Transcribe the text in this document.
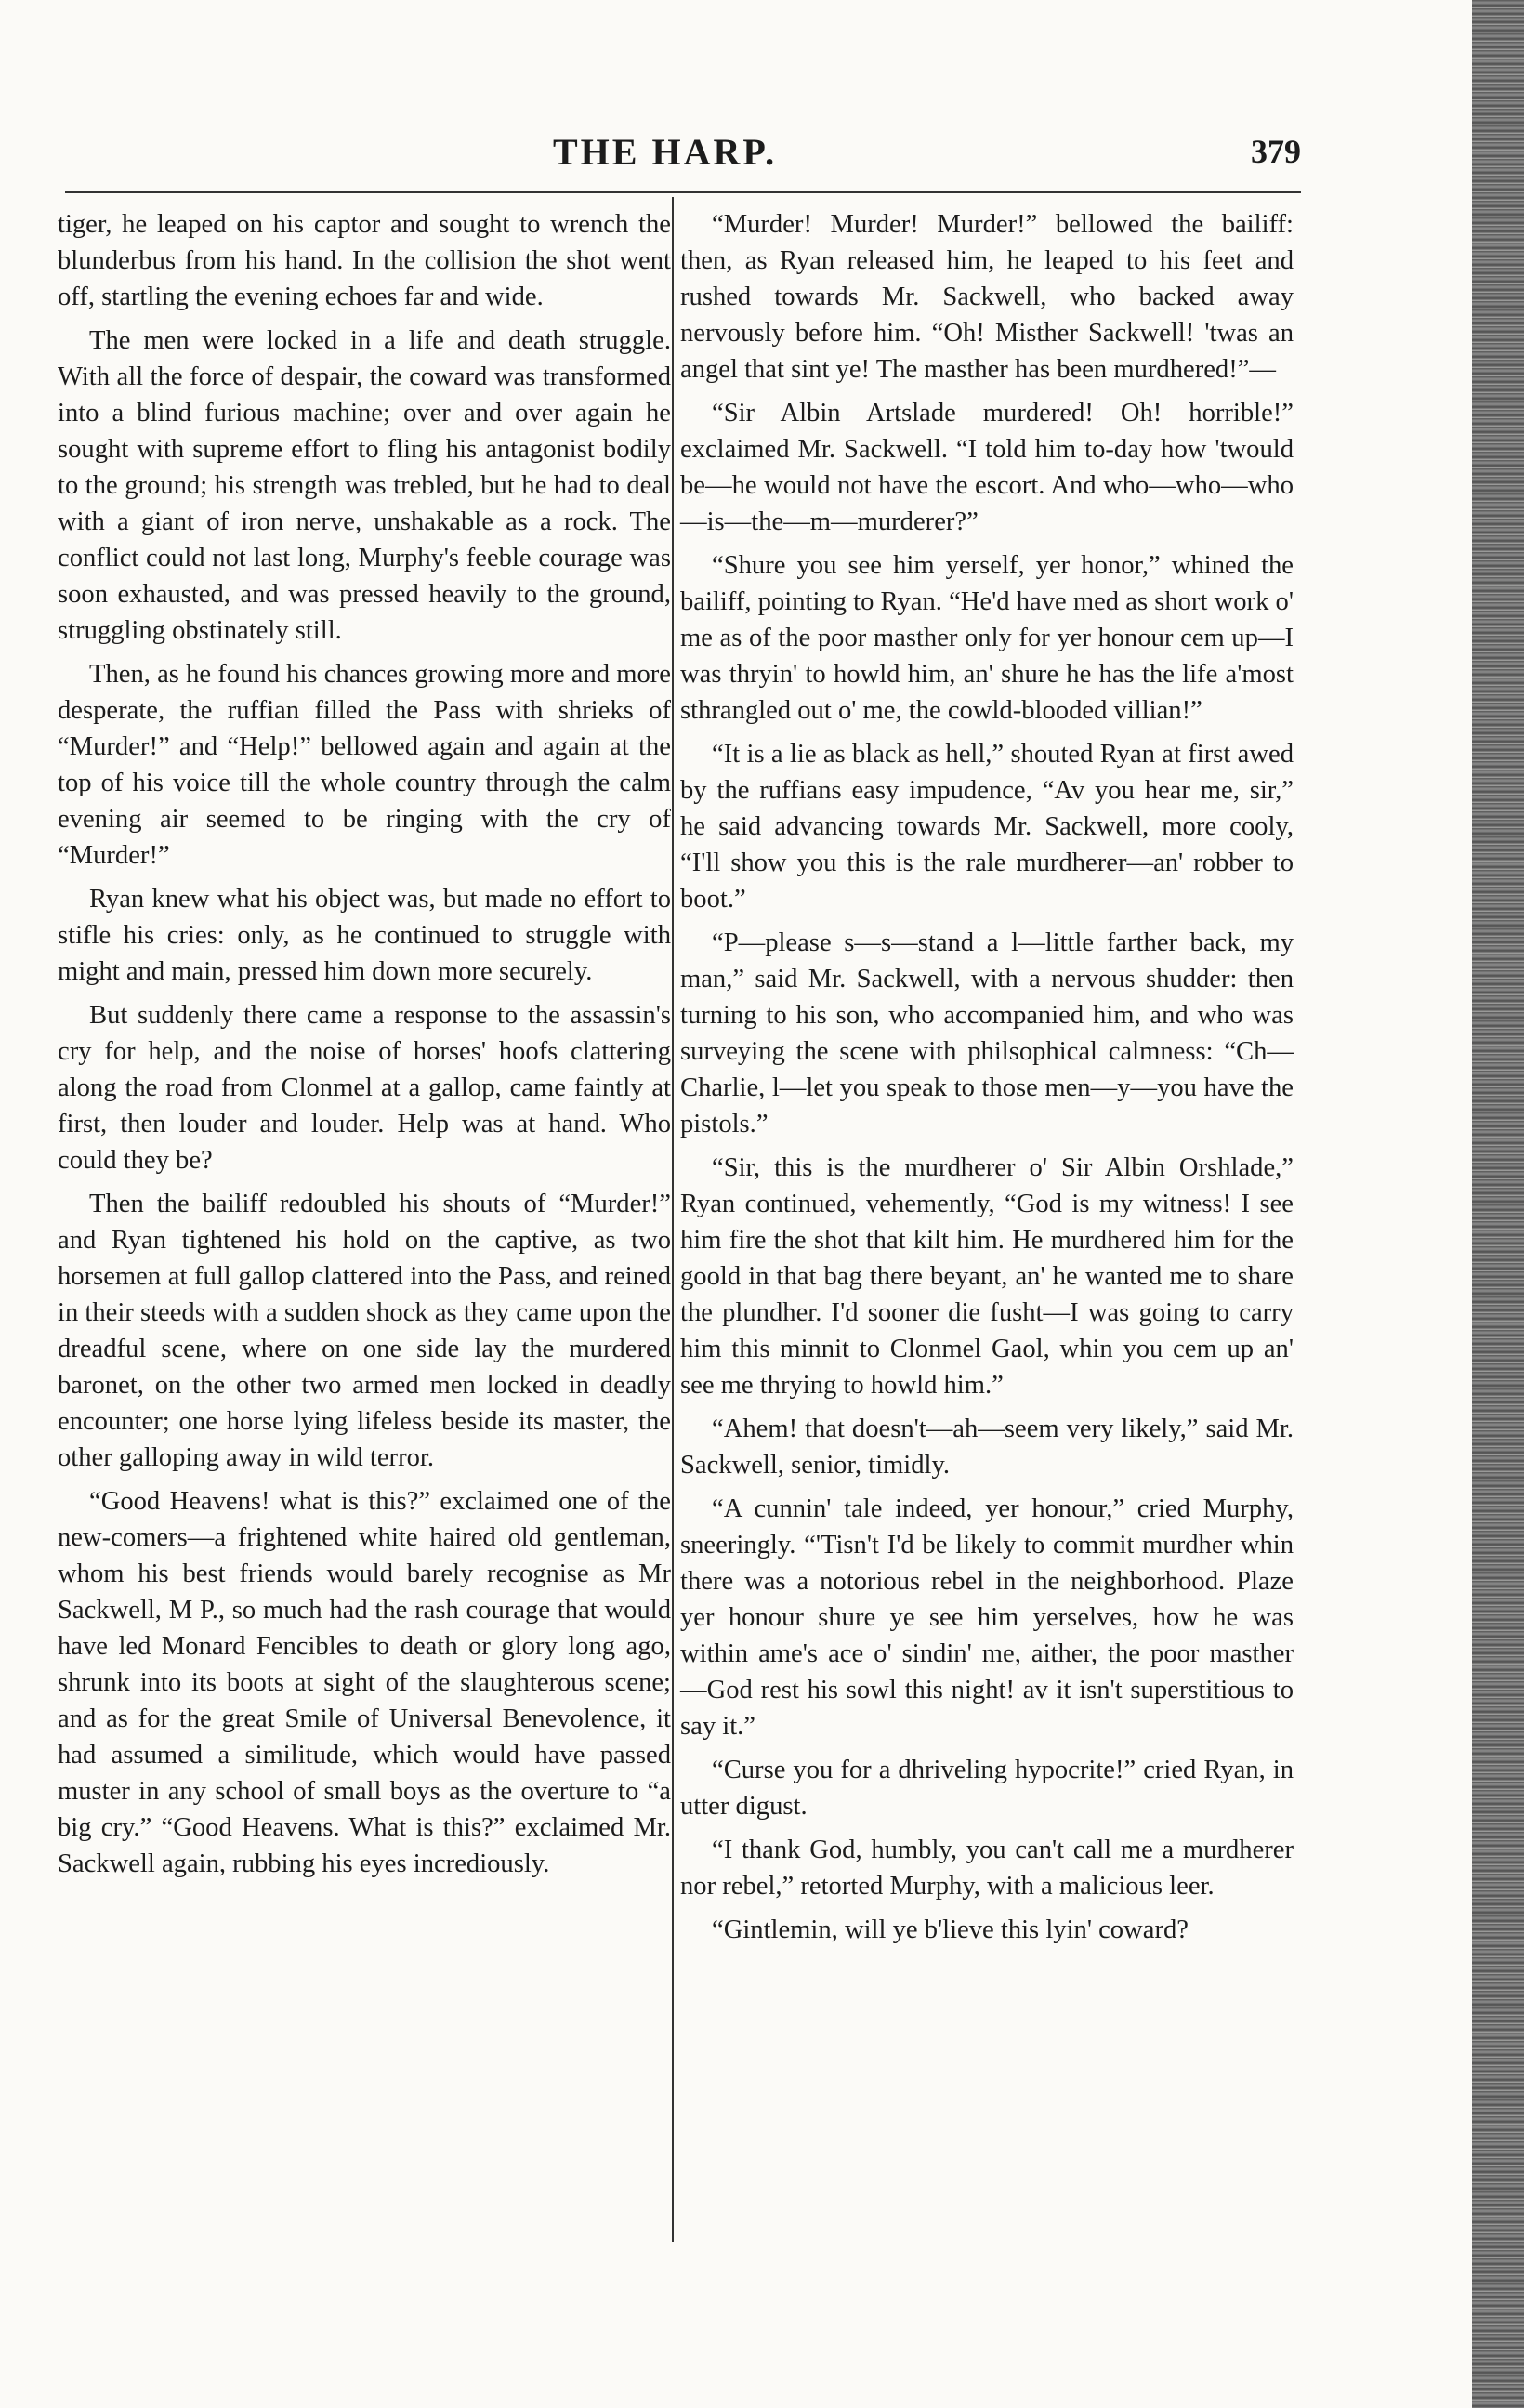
THE HARP.	379

tiger, he leaped on his captor and sought to wrench the blunderbus from his hand. In the collision the shot went off, startling the evening echoes far and wide.

The men were locked in a life and death struggle. With all the force of despair, the coward was transformed into a blind furious machine; over and over again he sought with supreme effort to fling his antagonist bodily to the ground; his strength was trebled, but he had to deal with a giant of iron nerve, unshakable as a rock. The conflict could not last long, Murphy's feeble courage was soon exhausted, and was pressed heavily to the ground, struggling obstinately still.

Then, as he found his chances growing more and more desperate, the ruffian filled the Pass with shrieks of “Murder!” and “Help!” bellowed again and again at the top of his voice till the whole country through the calm evening air seemed to be ringing with the cry of “Murder!”

Ryan knew what his object was, but made no effort to stifle his cries: only, as he continued to struggle with might and main, pressed him down more securely.

But suddenly there came a response to the assassin's cry for help, and the noise of horses' hoofs clattering along the road from Clonmel at a gallop, came faintly at first, then louder and louder. Help was at hand. Who could they be?

Then the bailiff redoubled his shouts of “Murder!” and Ryan tightened his hold on the captive, as two horsemen at full gallop clattered into the Pass, and reined in their steeds with a sudden shock as they came upon the dreadful scene, where on one side lay the murdered baronet, on the other two armed men locked in deadly encounter; one horse lying lifeless beside its master, the other galloping away in wild terror.

“Good Heavens! what is this?” exclaimed one of the new-comers—a frightened white haired old gentleman, whom his best friends would barely recognise as Mr Sackwell, M P., so much had the rash courage that would have led Monard Fencibles to death or glory long ago, shrunk into its boots at sight of the slaughterous scene; and as for the great Smile of Universal Benevolence, it had assumed a similitude, which would have passed muster in any school of small boys as the overture to “a big cry.” “Good Heavens. What is this?” exclaimed Mr. Sackwell again, rubbing his eyes incrediously.

“Murder! Murder! Murder!” bellowed the bailiff: then, as Ryan released him, he leaped to his feet and rushed towards Mr. Sackwell, who backed away nervously before him. “Oh! Misther Sackwell! 'twas an angel that sint ye! The masther has been murdhered!”—

“Sir Albin Artslade murdered! Oh! horrible!” exclaimed Mr. Sackwell. “I told him to-day how 'twould be—he would not have the escort. And who—who—who—is—the—m—murderer?”

“Shure you see him yerself, yer honor,” whined the bailiff, pointing to Ryan. “He'd have med as short work o' me as of the poor masther only for yer honour cem up—I was thryin' to howld him, an' shure he has the life a'most sthrangled out o' me, the cowld-blooded villian!”

“It is a lie as black as hell,” shouted Ryan at first awed by the ruffians easy impudence, “Av you hear me, sir,” he said advancing towards Mr. Sackwell, more cooly, “I'll show you this is the rale murdherer—an' robber to boot.”

“P—please s—s—stand a l—little farther back, my man,” said Mr. Sackwell, with a nervous shudder: then turning to his son, who accompanied him, and who was surveying the scene with philsophical calmness: “Ch—Charlie, l—let you speak to those men—y—you have the pistols.”

“Sir, this is the murdherer o' Sir Albin Orshlade,” Ryan continued, vehemently, “God is my witness! I see him fire the shot that kilt him. He murdhered him for the goold in that bag there beyant, an' he wanted me to share the plundher. I'd sooner die fusht—I was going to carry him this minnit to Clonmel Gaol, whin you cem up an' see me thrying to howld him.”

“Ahem! that doesn't—ah—seem very likely,” said Mr. Sackwell, senior, timidly.

“A cunnin' tale indeed, yer honour,” cried Murphy, sneeringly. “'Tisn't I'd be likely to commit murdher whin there was a notorious rebel in the neighborhood. Plaze yer honour shure ye see him yerselves, how he was within ame's ace o' sindin' me, aither, the poor masther —God rest his sowl this night! av it isn't superstitious to say it.”

“Curse you for a dhriveling hypocrite!” cried Ryan, in utter digust.

“I thank God, humbly, you can't call me a murdherer nor rebel,” retorted Murphy, with a malicious leer.

“Gintlemin, will ye b'lieve this lyin' coward?
